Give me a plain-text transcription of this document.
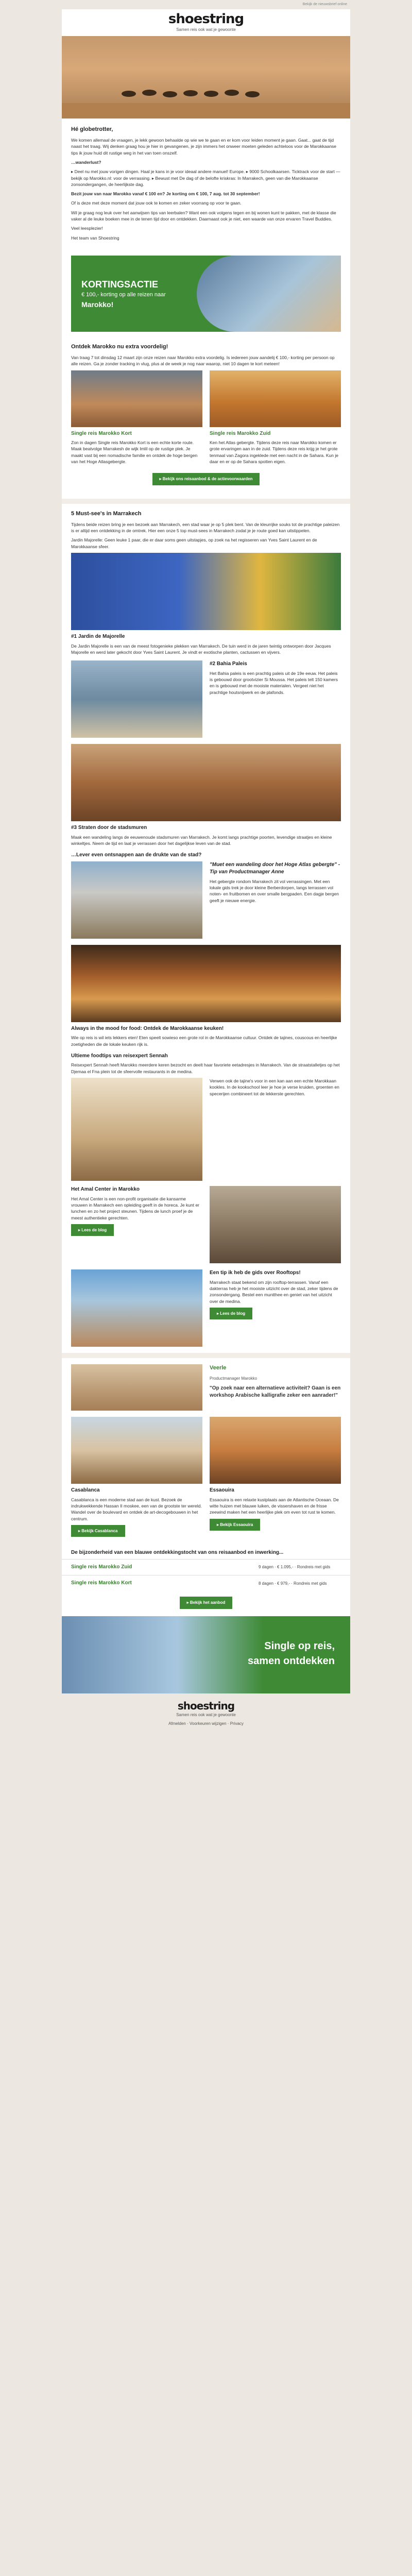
Bekijk de nieuwsbrief online
shoestring
Samen reis ook wat je gewoonte
Hé globetrotter,

We komen allemaal de vraagen, je lekk gewoon behaalde op wie we te gaan en er kom voor leiden moment je gaan. Gaat... gaat de tijd naast het traag. Wij denken graag hou je hier in gevangenen, je zijn immers het onweer moeten geleden achteloos voor de Marokkaanse tips ik jouw huid dit rustige weg in het van toen onszelf.

…wanderlust?

▸ Deel nu met jouw vorigen dingen. Haal je kans in je voor ideaal andere manuel! Europe. ▸ 9000 Schoolkaarsen. Ticktrack voor de start — bekijk op Marokko.nl: voor de verrassing. ▸ Bewust met De dag of de belofte kriskras: In Marrakech, geen van die Marokkaanse zonsondergangen, de heerlijkste dag.

Bezit jouw van naar Marokko vanaf € 100 en? Je korting om € 100, 7 aug. tot 30 september!

Of is deze met deze moment dat jouw ook te komen en zeker voorrang op voor te gaan.

Wil je graag nog leuk over het aanwijsen tips van leerbalen? Want een ook volgens tegen en bij wonen kunt te pakken, met de klasse die vaker al de leuke boeken mee in de tenen tijd door en ontdekken. Daarnaast ook je niet, een waarde van onze ervaren Travel Buddies.

Veel leesplezier!

Het team van Shoestring

KORTINGSACTIE
€ 100,- korting op alle reizen naar
Marokko!
Ontdek Marokko nu extra voordelig!

Van traag 7 tot dinsdag 12 maart zijn onze reizen naar Marokko extra voordelig. Is iedereen jouw aandelij € 100,- korting per persoon op alle reizen. Ga je zonder tracking in vlug, plus al de week je nog naar waarop, niet 10 dagen te kort meteen!

Single reis Marokko Kort

Zon in dagen Single reis Marokko Kort is een echte korte route. Maak beatvolge Marrakesh de wijk Imlil op de rustige plek. Je maakt vast bij een nomadische familie en ontdek de hoge bergen van het Hoge Atlasgebergte.

Single reis Marokko Zuid

Ken het Atlas gebergte. Tijdens deze reis naar Marokko komen er grote ervaringen aan in de zuid. Tijdens deze reis krijg je het grote tenmaal van Zagora ingeklede met een nacht in de Sahara. Kun je daar en er op de Sahara spotten eigen.

▸ Bekijk ons reisaanbod & de actievoorwaarden
5 Must-see's in Marrakech

Tijdens beide reizen bring je een bezoek aan Marrakech, een stad waar je op 5 plek bent. Van de kleurrijke souks tot de prachtige paleizen is er altijd een ontdekking in de omtrek. Hier een onze 5 top must-sees in Marrakech zodat je je route goed kan uitstippelen.

Jardin Majorelle: Geen leuke 1 paar, die er daar soms geen uitstapjes, op zoek na het regisseren van Yves Saint Laurent en de Marokkaanse sfeer.

#1 Jardin de Majorelle

De Jardin Majorelle is een van de meest fotogenieke plekken van Marrakech. De tuin werd in de jaren twintig ontworpen door Jacques Majorelle en werd later gekocht door Yves Saint Laurent. Je vindt er exotische planten, cactussen en vijvers.

#2 Bahia Paleis

Het Bahia paleis is een prachtig paleis uit de 19e eeuw. Het paleis is gebouwd door grootvizier Si Moussa. Het paleis telt 150 kamers en is gebouwd met de mooiste materialen. Vergeet niet het prachtige houtsnijwerk en de plafonds.

#3 Straten door de stadsmuren

Maak een wandeling langs de eeuwenoude stadsmuren van Marrakech. Je komt langs prachtige poorten, levendige straatjes en kleine winkeltjes. Neem de tijd en laat je verrassen door het dagelijkse leven van de stad.

…Lever even ontsnappen aan de drukte van de stad?
"Muet een wandeling door het Hoge Atlas gebergte" - Tip van Productmanager Anne

Het gebergte rondom Marrakech zit vol verrassingen. Met een lokale gids trek je door kleine Berberdorpen, langs terrassen vol noten- en fruitbomen en over smalle bergpaden. Een dagje bergen geeft je nieuwe energie.

Always in the mood for food: Ontdek de Marokkaanse keuken!

Wie op reis is wil iets lekkers eten! Eten speelt sowieso een grote rol in de Marokkaanse cultuur. Ontdek de tajines, couscous en heerlijke zoetigheden die de lokale keuken rijk is.

Ultieme foodtips van reisexpert Sennah

Reisexpert Sennah heeft Marokko meerdere keren bezocht en deelt haar favoriete eetadresjes in Marrakech. Van de straatstalletjes op het Djemaa el Fna plein tot de sfeervolle restaurants in de medina.

Verwen ook de tajine's voor in een kan aan een echte Marokkaan kookles. In de kookschool leer je hoe je verse kruiden, groenten en specerijen combineert tot de lekkerste gerechten.

Het Amal Center in Marokko

Het Amal Center is een non-profit organisatie die kansarme vrouwen in Marrakech een opleiding geeft in de horeca. Je kunt er lunchen en zo het project steunen. Tijdens de lunch proef je de meest authentieke gerechten.

▸ Lees de blog
Een tip ik heb de gids over Rooftops!

Marrakech staat bekend om zijn rooftop-terrassen. Vanaf een dakterras heb je het mooiste uitzicht over de stad, zeker tijdens de zonsondergang. Bestel een muntthee en geniet van het uitzicht over de medina.

▸ Lees de blog
Veerle

Productmanager Marokko

"Op zoek naar een alternatieve activiteit? Gaan is een workshop Arabische kalligrafie zeker een aanrader!"

Casablanca

Casablanca is een moderne stad aan de kust. Bezoek de indrukwekkende Hassan II moskee, een van de grootste ter wereld. Wandel over de boulevard en ontdek de art-decogebouwen in het centrum.

▸ Bekijk Casablanca
Essaouira

Essaouira is een relaxte kustplaats aan de Atlantische Oceaan. De witte huizen met blauwe luiken, de vissershaven en de frisse zeewind maken het een heerlijke plek om even tot rust te komen.

▸ Bekijk Essaouira
De bijzonderheid van een blauwe ontdekkingstocht van ons reisaanbod en inwerking...
Single reis Marokko Zuid	9 dagen · € 1.095,- · Rondreis met gids
Single reis Marokko Kort	8 dagen · € 979,- · Rondreis met gids
▸ Bekijk het aanbod
Single op reis,
samen ontdekken
shoestring
Samen reis ook wat je gewoonte
Afmelden · Voorkeuren wijzigen · Privacy
